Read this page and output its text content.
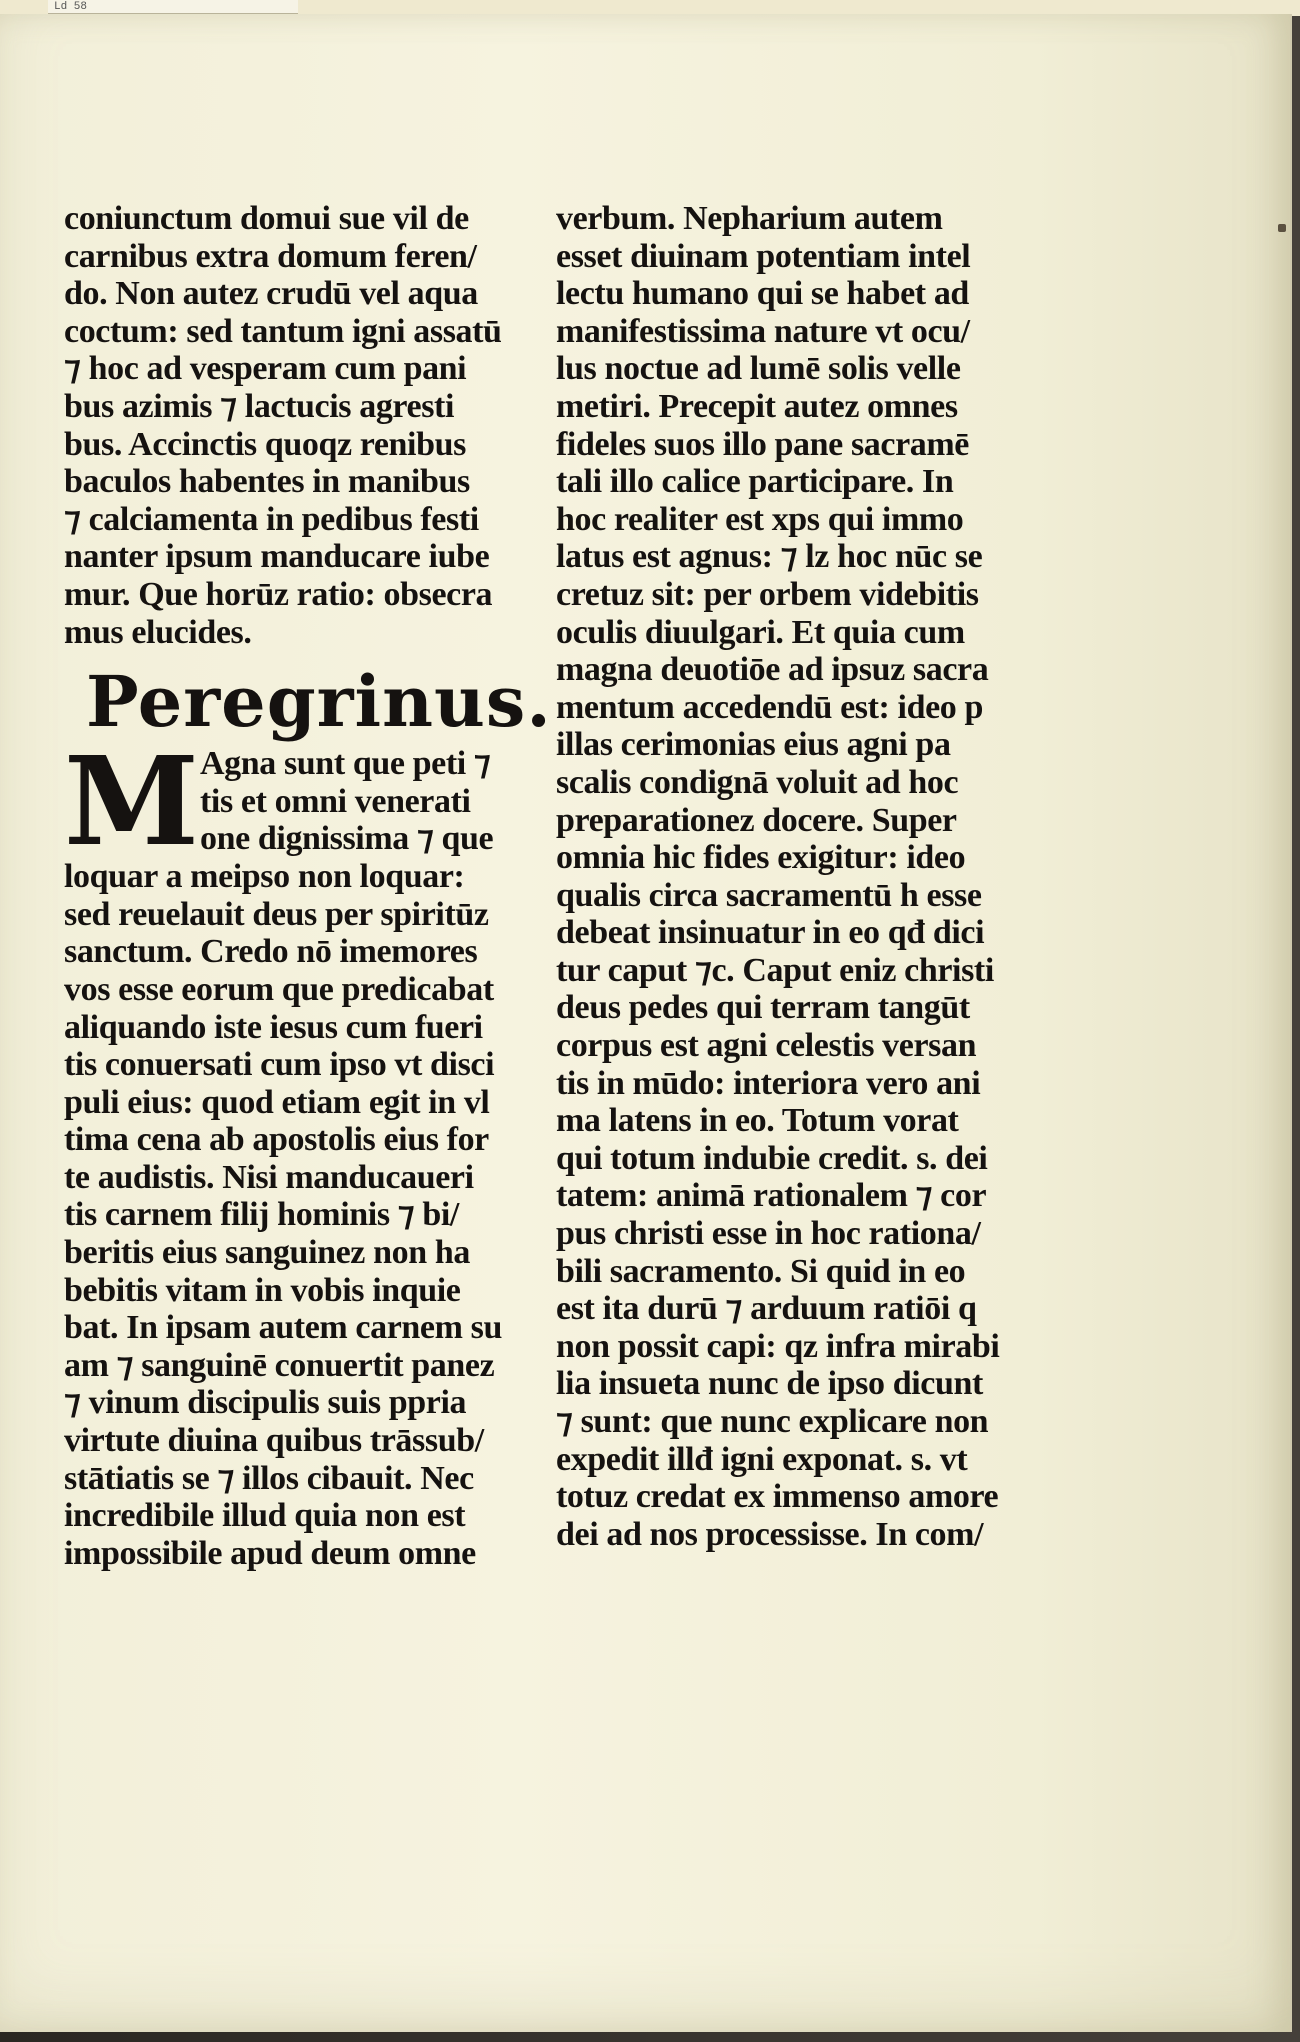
Ld 58
coniunctum domui sue vil de
carnibus extra domum feren/
do. Non autez crudū vel aqua
coctum: sed tantum igni assatū
⁊ hoc ad vesperam cum pani
bus azimis ⁊ lactucis agresti
bus. Accinctis quoqz renibus
baculos habentes in manibus
⁊ calciamenta in pedibus festi
nanter ipsum manducare iube
mur. Que horūz ratio: obsecra
mus elucides.
Peregrinus.
M Agna sunt que peti ⁊
tis et omni venerati
one dignissima ⁊ que
loquar a meipso non loquar:
sed reuelauit deus per spiritūz
sanctum. Credo nō imemores
vos esse eorum que predicabat
aliquando iste iesus cum fueri
tis conuersati cum ipso vt disci
puli eius: quod etiam egit in vl
tima cena ab apostolis eius for
te audistis. Nisi manducaueri
tis carnem filij hominis ⁊ bi/
beritis eius sanguinez non ha
bebitis vitam in vobis inquie
bat. In ipsam autem carnem su
am ⁊ sanguinē conuertit panez
⁊ vinum discipulis suis ppria
virtute diuina quibus trāssub/
stātiatis se ⁊ illos cibauit. Nec
incredibile illud quia non est
impossibile apud deum omne
verbum. Nepharium autem
esset diuinam potentiam intel
lectu humano qui se habet ad
manifestissima nature vt ocu/
lus noctue ad lumē solis velle
metiri. Precepit autez omnes
fideles suos illo pane sacramē
tali illo calice participare. In
hoc realiter est xps qui immo
latus est agnus: ⁊ lz hoc nūc se
cretuz sit: per orbem videbitis
oculis diuulgari. Et quia cum
magna deuotiōe ad ipsuz sacra
mentum accedendū est: ideo p
illas cerimonias eius agni pa
scalis condignā voluit ad hoc
preparationez docere. Super
omnia hic fides exigitur: ideo
qualis circa sacramentū h esse
debeat insinuatur in eo qđ dici
tur caput ⁊c. Caput eniz christi
deus pedes qui terram tangūt
corpus est agni celestis versan
tis in mūdo: interiora vero ani
ma latens in eo. Totum vorat
qui totum indubie credit. s. dei
tatem: animā rationalem ⁊ cor
pus christi esse in hoc rationa/
bili sacramento. Si quid in eo
est ita durū ⁊ arduum ratiōi q
non possit capi: qz infra mirabi
lia insueta nunc de ipso dicunt
⁊ sunt: que nunc explicare non
expedit illđ igni exponat. s. vt
totuz credat ex immenso amore
dei ad nos processisse. In com/
